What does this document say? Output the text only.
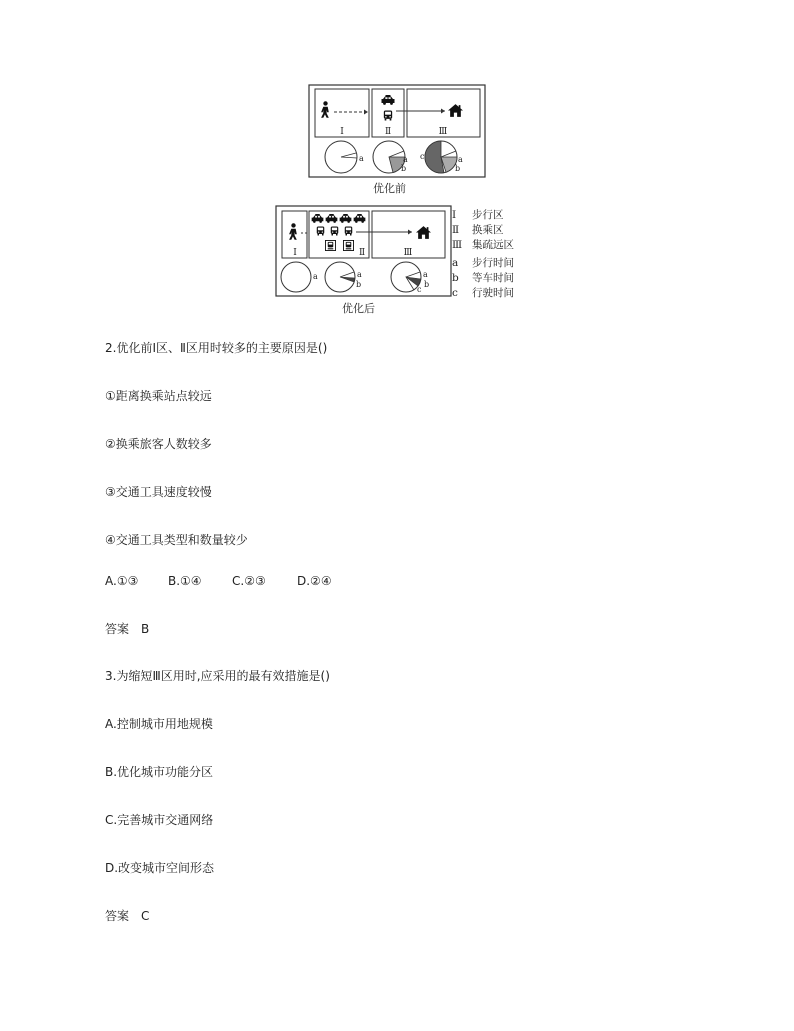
Ⅰ	Ⅱ	Ⅲ
a	a
b
c	a
b
Ⅰ	Ⅱ	Ⅲ
a	a
b
a
b
c
优化前
优化后
Ⅰ	步行区
Ⅱ	换乘区
Ⅲ 集疏远区
a	步行时间
b	等车时间
c	行驶时间
2.优化前Ⅰ区、Ⅱ区用时较多的主要原因是()
①距离换乘站点较远
②换乘旅客人数较多
③交通工具速度较慢
④交通工具类型和数量较少
A.①③ B.①④	C.②③	D.②④
答案　B
3.为缩短Ⅲ区用时,应采用的最有效措施是()
A.控制城市用地规模
B.优化城市功能分区
C.完善城市交通网络
D.改变城市空间形态
答案　C
